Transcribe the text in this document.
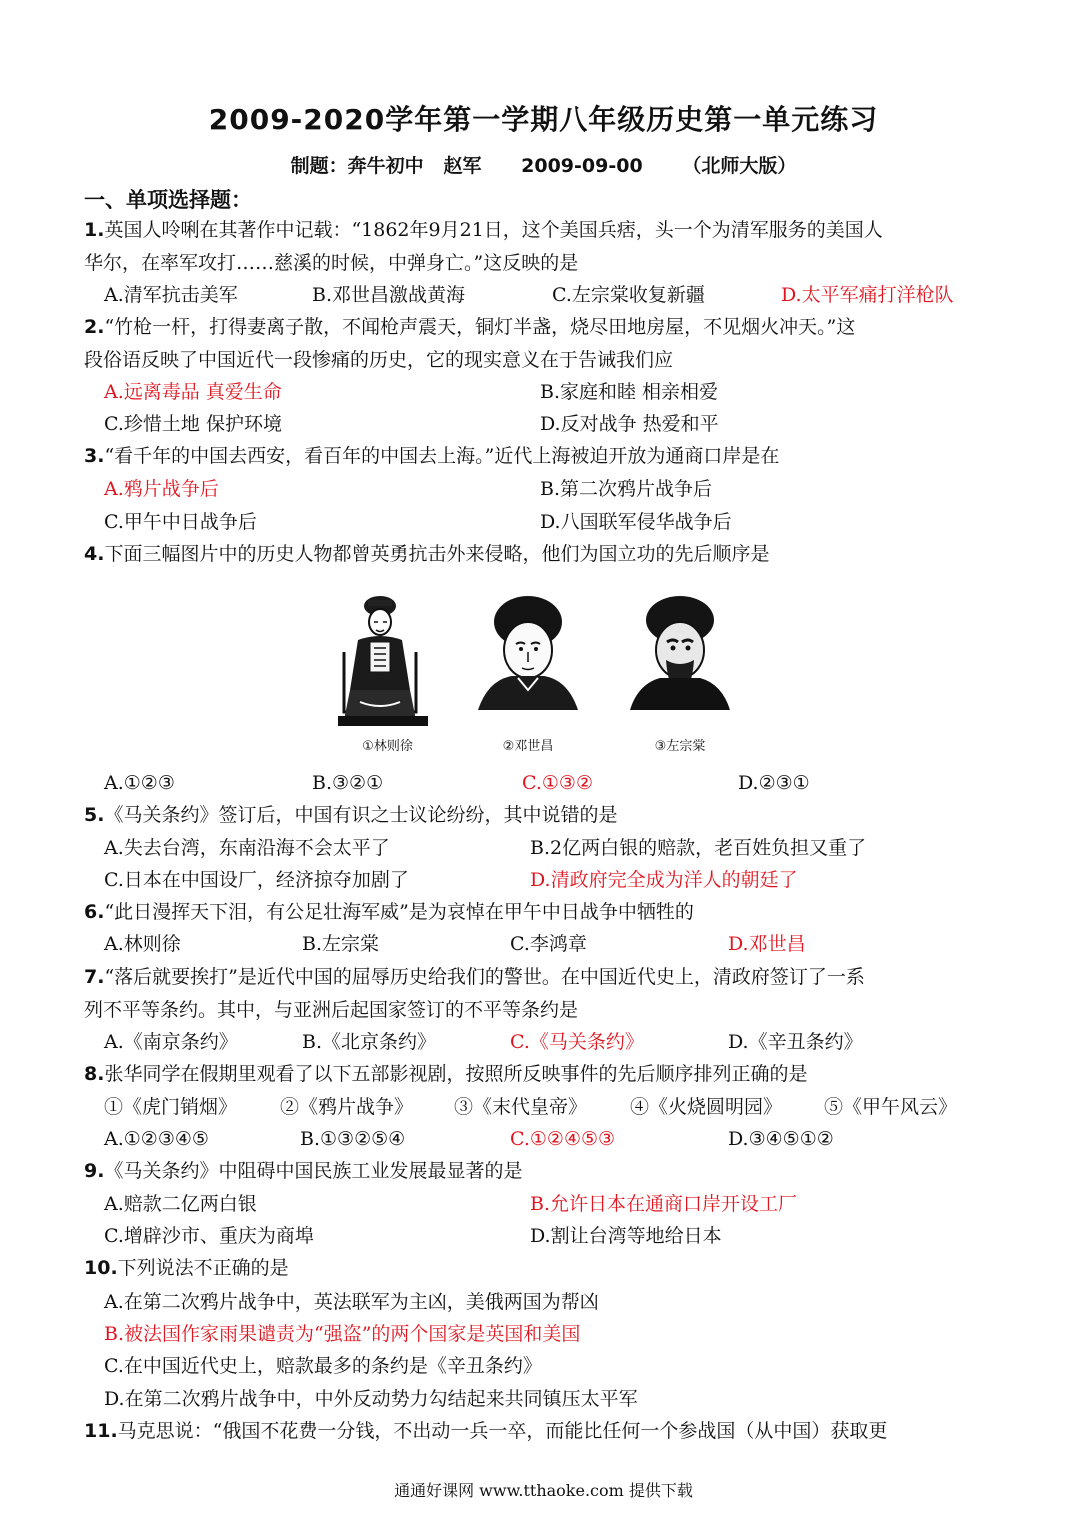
2009-2020学年第一学期八年级历史第一单元练习
制题：奔牛初中   赵军      2009-09-00      （北师大版）
一、单项选择题：
1.英国人呤唎在其著作中记载：“1862年9月21日，这个美国兵痞，头一个为清军服务的美国人
华尔，在率军攻打……慈溪的时候，中弹身亡。”这反映的是
A.清军抗击美军	B.邓世昌激战黄海	C.左宗棠收复新疆	D.太平军痛打洋枪队
2.“竹枪一杆，打得妻离子散，不闻枪声震天，铜灯半盏，烧尽田地房屋，不见烟火冲天。”这
段俗语反映了中国近代一段惨痛的历史，它的现实意义在于告诫我们应
A.远离毒品 真爱生命	B.家庭和睦 相亲相爱
C.珍惜土地 保护环境	D.反对战争 热爱和平
3.“看千年的中国去西安，看百年的中国去上海。”近代上海被迫开放为通商口岸是在
A.鸦片战争后	B.第二次鸦片战争后
C.甲午中日战争后	D.八国联军侵华战争后
4.下面三幅图片中的历史人物都曾英勇抗击外来侵略，他们为国立功的先后顺序是
①林则徐	②邓世昌	③左宗棠
A.①②③	B.③②①	C.①③②	D.②③①
5.《马关条约》签订后，中国有识之士议论纷纷，其中说错的是
A.失去台湾，东南沿海不会太平了	B.2亿两白银的赔款，老百姓负担又重了
C.日本在中国设厂，经济掠夺加剧了	D.清政府完全成为洋人的朝廷了
6.“此日漫挥天下泪，有公足壮海军威”是为哀悼在甲午中日战争中牺牲的
A.林则徐	B.左宗棠	C.李鸿章	D.邓世昌
7.“落后就要挨打”是近代中国的屈辱历史给我们的警世。在中国近代史上，清政府签订了一系
列不平等条约。其中，与亚洲后起国家签订的不平等条约是
A.《南京条约》	B.《北京条约》	C.《马关条约》	D.《辛丑条约》
8.张华同学在假期里观看了以下五部影视剧，按照所反映事件的先后顺序排列正确的是
①《虎门销烟》 ②《鸦片战争》 ③《末代皇帝》 ④《火烧圆明园》 ⑤《甲午风云》
A.①②③④⑤	B.①③②⑤④	C.①②④⑤③	D.③④⑤①②
9.《马关条约》中阻碍中国民族工业发展最显著的是
A.赔款二亿两白银	B.允许日本在通商口岸开设工厂
C.增辟沙市、重庆为商埠	D.割让台湾等地给日本
10.下列说法不正确的是
A.在第二次鸦片战争中，英法联军为主凶，美俄两国为帮凶
B.被法国作家雨果谴责为“强盗”的两个国家是英国和美国
C.在中国近代史上，赔款最多的条约是《辛丑条约》
D.在第二次鸦片战争中，中外反动势力勾结起来共同镇压太平军
11.马克思说：“俄国不花费一分钱，不出动一兵一卒，而能比任何一个参战国（从中国）获取更
通通好课网 www.tthaoke.com 提供下载
